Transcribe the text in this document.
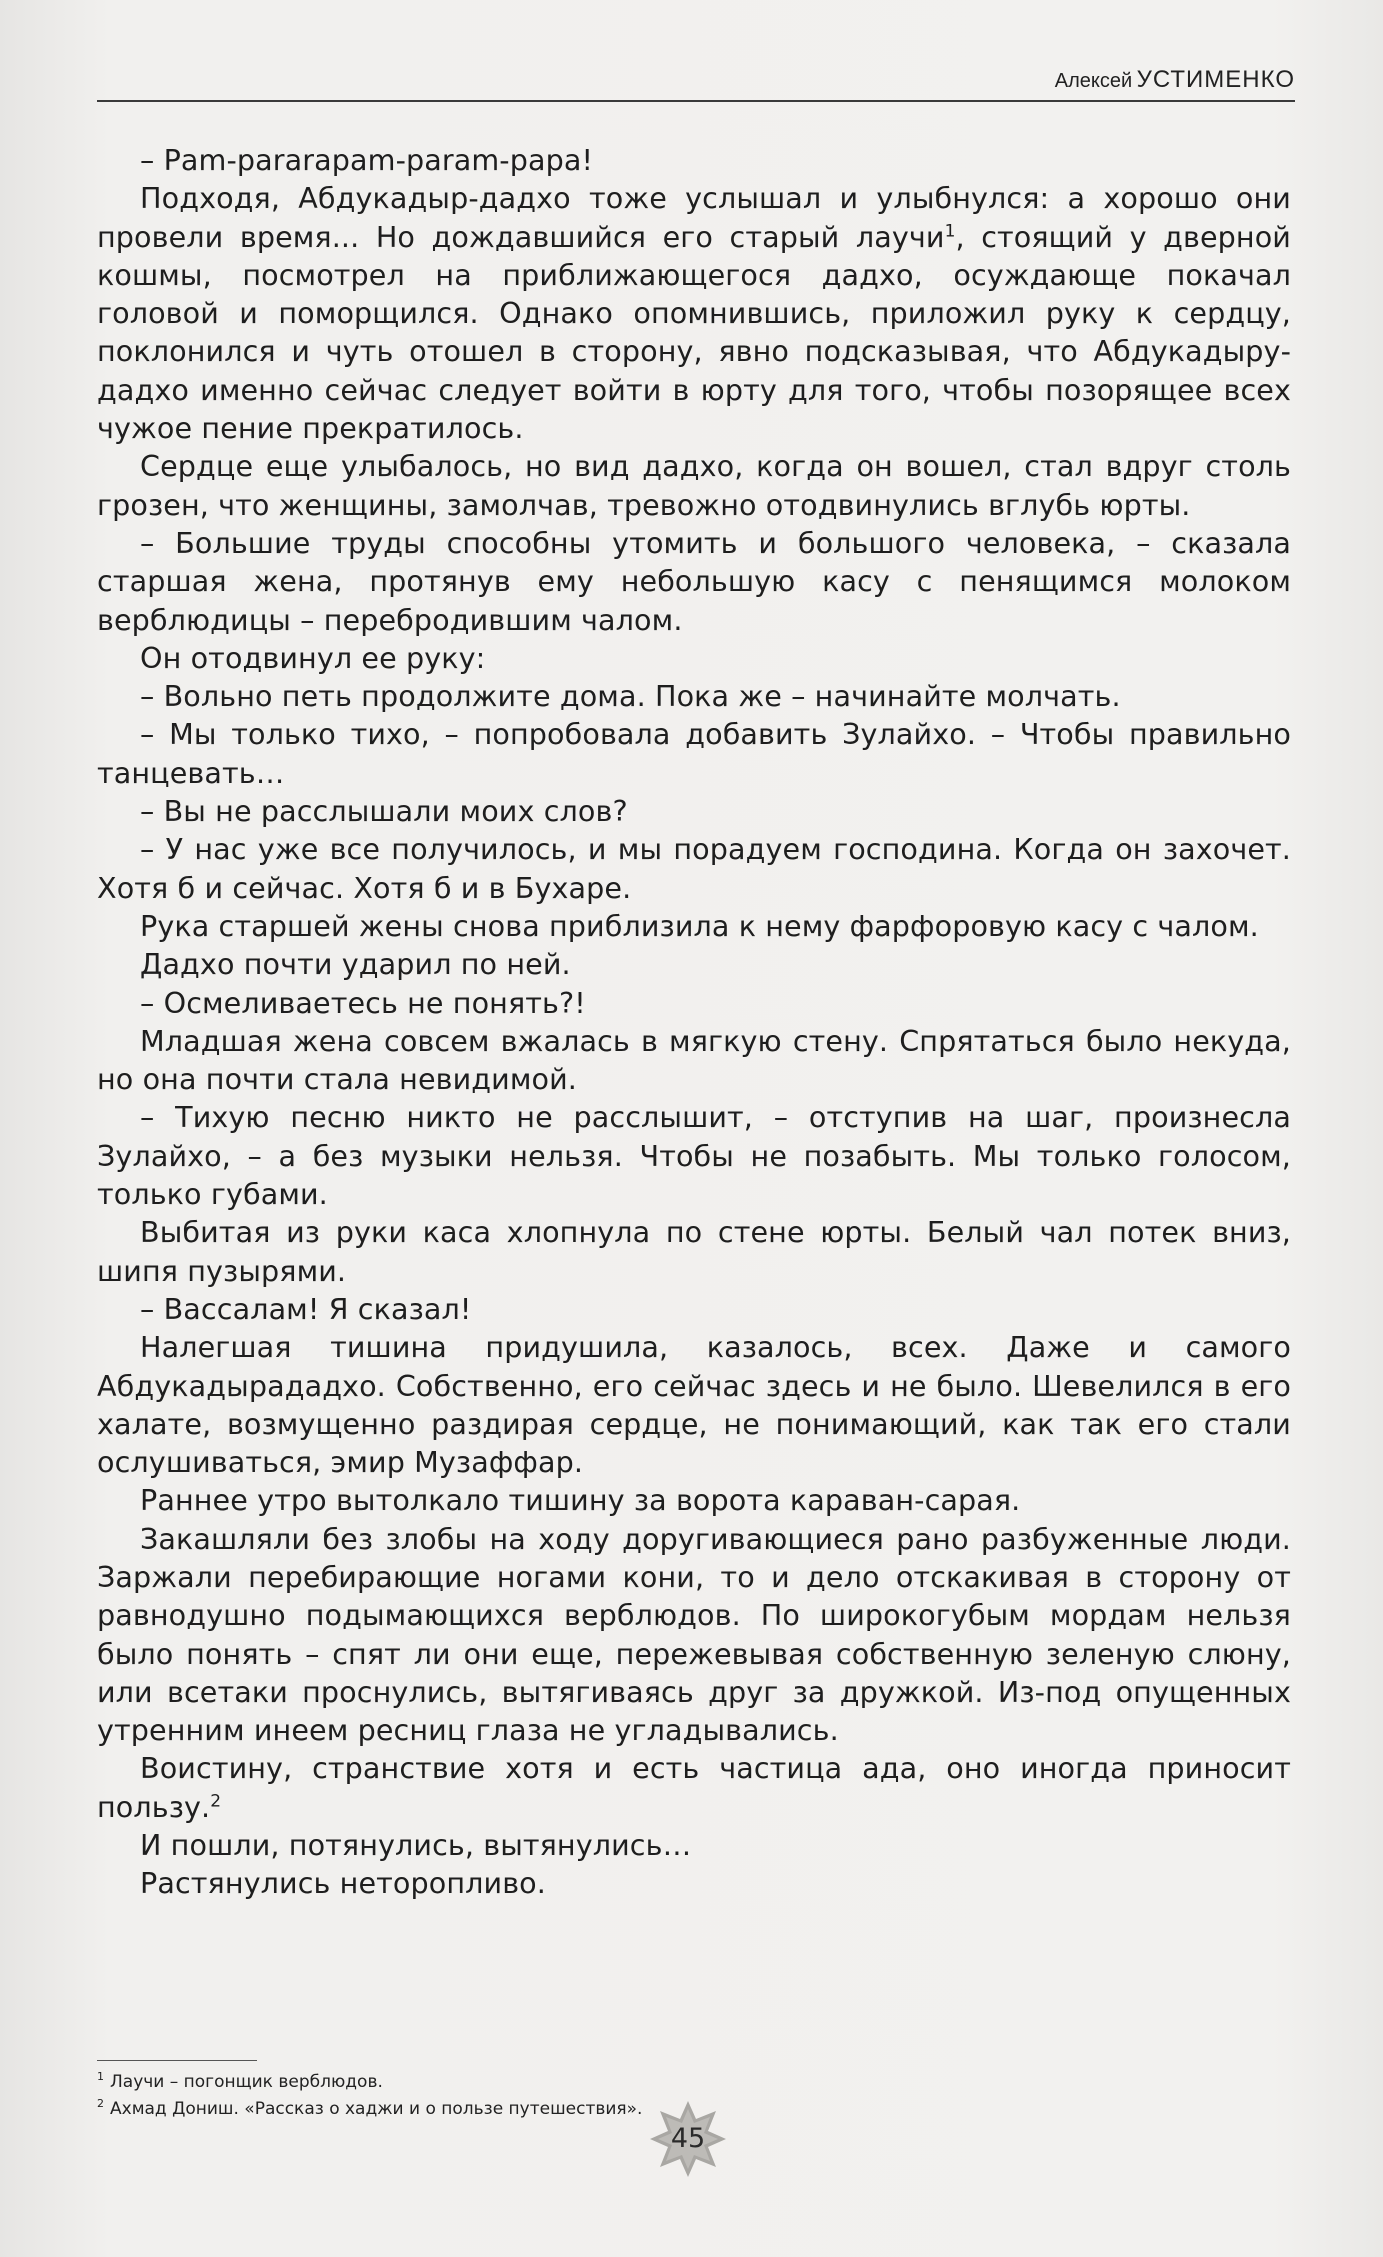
Алексей УСТИМЕНКО

– Рam-pararapam-param-papa!

Подходя, Абдукадыр-дадхо тоже услышал и улыбнулся: а хорошо они провели время... Но дождавшийся его старый лаучи$^1$, стоящий у дверной кошмы, посмотрел на приближающегося дадхо, осуждающе покачал головой и поморщился. Однако опомнившись, приложил руку к сердцу, поклонился и чуть отошел в сторону, явно подсказывая, что Абдукадыру-дадхо именно сейчас следует войти в юрту для того, чтобы позорящее всех чужое пение прекратилось.

Сердце еще улыбалось, но вид дадхо, когда он вошел, стал вдруг столь грозен, что женщины, замолчав, тревожно отодвинулись вглубь юрты.

– Большие труды способны утомить и большого человека, – сказала старшая жена, протянув ему небольшую касу с пенящимся молоком верблюдицы – перебродившим чалом.

Он отодвинул ее руку:

– Вольно петь продолжите дома. Пока же – начинайте молчать.

– Мы только тихо, – попробовала добавить Зулайхо. – Чтобы правильно танцевать…

– Вы не расслышали моих слов?

– У нас уже все получилось, и мы порадуем господина. Когда он захочет. Хотя б и сейчас. Хотя б и в Бухаре.

Рука старшей жены снова приблизила к нему фарфоровую касу с чалом.

Дадхо почти ударил по ней.

– Осмеливаетесь не понять?!

Младшая жена совсем вжалась в мягкую стену. Спрятаться было некуда, но она почти стала невидимой.

– Тихую песню никто не расслышит, – отступив на шаг, произнесла Зулайхо, – а без музыки нельзя. Чтобы не позабыть. Мы только голосом, только губами.

Выбитая из руки каса хлопнула по стене юрты. Белый чал потек вниз, шипя пузырями.

– Вассалам! Я сказал!

Налегшая тишина придушила, казалось, всех. Даже и самого Абдукадырададхо. Собственно, его сейчас здесь и не было. Шевелился в его халате, возмущенно раздирая сердце, не понимающий, как так его стали ослушиваться, эмир Музаффар.

Раннее утро вытолкало тишину за ворота караван-сарая.

Закашляли без злобы на ходу доругивающиеся рано разбуженные люди. Заржали перебирающие ногами кони, то и дело отскакивая в сторону от равнодушно подымающихся верблюдов. По широкогубым мордам нельзя было понять – спят ли они еще, пережевывая собственную зеленую слюну, или всетаки проснулись, вытягиваясь друг за дружкой. Из-под опущенных утренним инеем ресниц глаза не угладывались.

Воистину, странствие хотя и есть частица ада, оно иногда приносит пользу.$^2$

И пошли, потянулись, вытянулись…

Растянулись неторопливо.

$^1$ Лаучи – погонщик верблюдов.
$^2$ Ахмад Дониш. «Рассказ о хаджи и о пользе путешествия».
45
